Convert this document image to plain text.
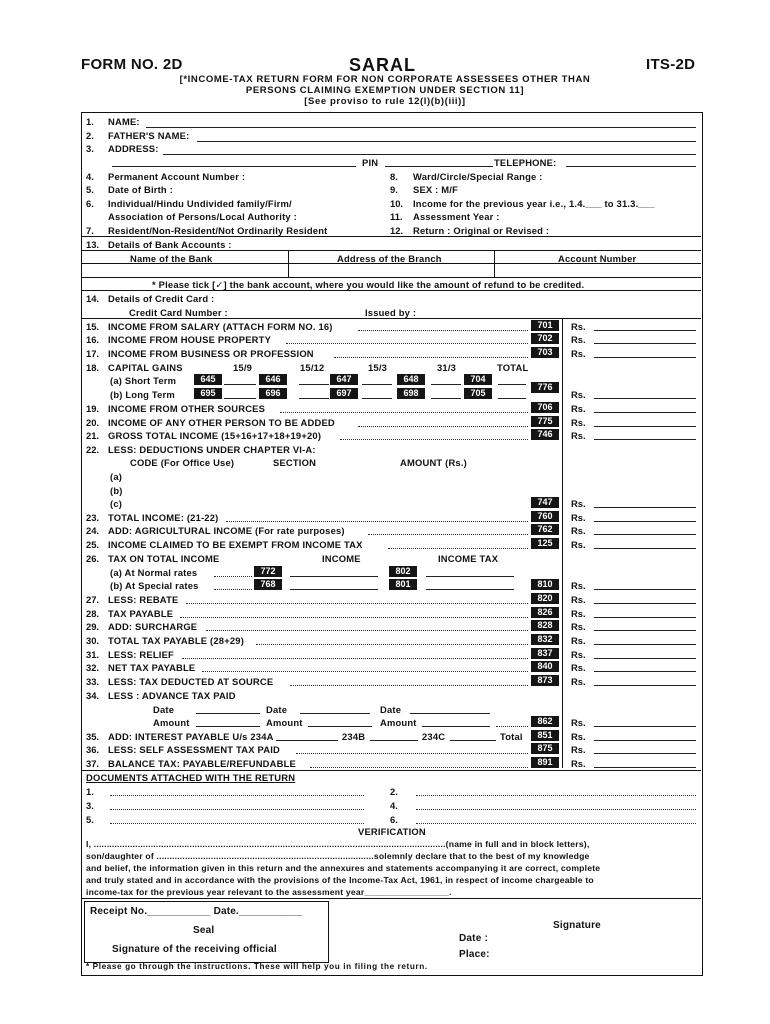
FORM NO. 2D	SARAL	ITS-2D
[*INCOME-TAX RETURN FORM FOR NON CORPORATE ASSESSEES OTHER THAN
PERSONS CLAIMING EXEMPTION UNDER SECTION 11]
[See proviso to rule 12(l)(b)(iii)]
1. NAME:
2. FATHER'S NAME:
3. ADDRESS:
PIN	TELEPHONE:
4. Permanent Account Number :	8. Ward/Circle/Special Range :
5. Date of Birth :	9. SEX : M/F
6. Individual/Hindu Undivided family/Firm/	10. Income for the previous year i.e., 1.4.___ to 31.3.___
Association of Persons/Local Authority :	11. Assessment Year :
7. Resident/Non-Resident/Not Ordinarily Resident	12. Return : Original or Revised :
13. Details of Bank Accounts :
Name of the Bank	Address of the Branch	Account Number
* Please tick [✓] the bank account, where you would like the amount of refund to be credited.
14. Details of Credit Card :
Credit Card Number :	Issued by :
15. INCOME FROM SALARY (ATTACH FORM NO. 16)	701	Rs.
16. INCOME FROM HOUSE PROPERTY	702	Rs.
17. INCOME FROM BUSINESS OR PROFESSION	703	Rs.
18. CAPITAL GAINS	15/9	15/12	15/3	31/3	TOTAL
(a) Short Term	645	646	647	648	704
776
(b) Long Term	695	696	697	698	705	Rs.
19. INCOME FROM OTHER SOURCES	706	Rs.
20. INCOME OF ANY OTHER PERSON TO BE ADDED	775	Rs.
21. GROSS TOTAL INCOME (15+16+17+18+19+20)	746	Rs.
22. LESS: DEDUCTIONS UNDER CHAPTER VI-A:
CODE (For Office Use)	SECTION	AMOUNT (Rs.)
(a)
(b)
(c)	747	Rs.
23. TOTAL INCOME: (21-22)	760	Rs.
24. ADD: AGRICULTURAL INCOME (For rate purposes)	762	Rs.
25. INCOME CLAIMED TO BE EXEMPT FROM INCOME TAX	125	Rs.
26. TAX ON TOTAL INCOME	INCOME	INCOME TAX
(a) At Normal rates	772	802
(b) At Special rates	768	801	810	Rs.
27. LESS: REBATE	820	Rs.
28. TAX PAYABLE	826	Rs.
29. ADD: SURCHARGE	828	Rs.
30. TOTAL TAX PAYABLE (28+29)	832	Rs.
31. LESS: RELIEF	837	Rs.
32. NET TAX PAYABLE	840	Rs.
33. LESS: TAX DEDUCTED AT SOURCE	873	Rs.
34. LESS : ADVANCE TAX PAID
Date	Date	Date
Amount	Amount	Amount	862	Rs.
35. ADD: INTEREST PAYABLE U/s 234A	234B	234C	Total	851	Rs.
36. LESS: SELF ASSESSMENT TAX PAID	875	Rs.
37. BALANCE TAX: PAYABLE/REFUNDABLE	891	Rs.
DOCUMENTS ATTACHED WITH THE RETURN
1.	2.
3.	4.
5.	6.
VERIFICATION
I, ........................................................................................................................................(name in full and in block letters),
son/daughter of ....................................................................................solemnly declare that to the best of my knowledge
and belief, the information given in this return and the annexures and statements accompanying it are correct, complete
and truly stated and in accordance with the provisions of the Income-Tax Act, 1961, in respect of income chargeable to
income-tax for the previous year relevant to the assessment year_________________.
Receipt No.___________ Date.___________
Seal
Signature of the receiving official
Signature
Date :
Place:
* Please go through the instructions. These will help you in filing the return.
